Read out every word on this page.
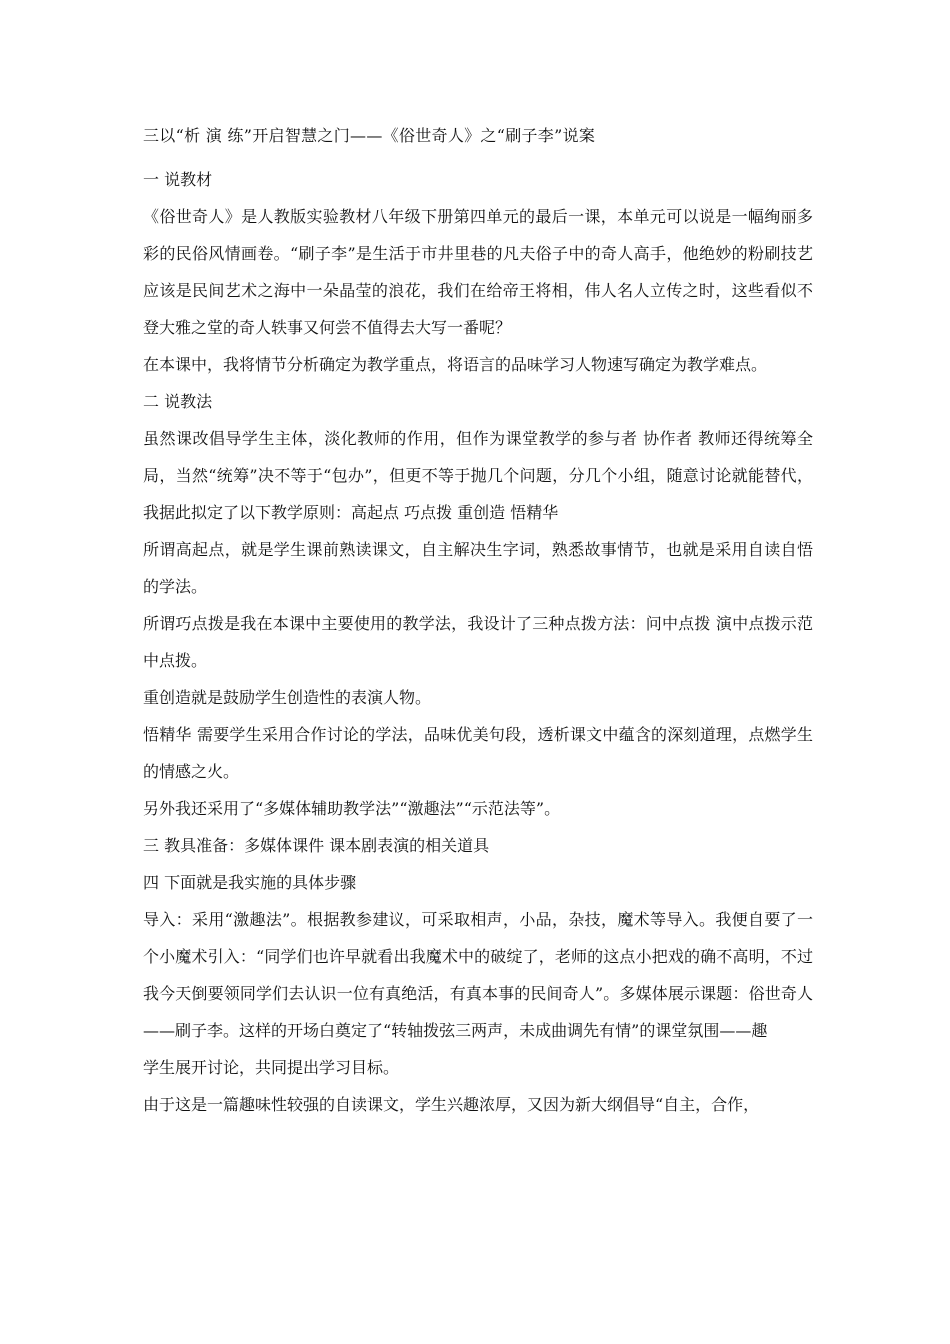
三以“析 演 练”开启智慧之门——《俗世奇人》之“刷子李”说案
一 说教材
《俗世奇人》是人教版实验教材八年级下册第四单元的最后一课，本单元可以说是一幅绚丽多彩的民俗风情画卷。“刷子李”是生活于市井里巷的凡夫俗子中的奇人高手，他绝妙的粉刷技艺应该是民间艺术之海中一朵晶莹的浪花，我们在给帝王将相，伟人名人立传之时，这些看似不登大雅之堂的奇人轶事又何尝不值得去大写一番呢？
在本课中，我将情节分析确定为教学重点，将语言的品味学习人物速写确定为教学难点。
二 说教法
虽然课改倡导学生主体，淡化教师的作用，但作为课堂教学的参与者 协作者 教师还得统筹全局，当然“统筹”决不等于“包办”，但更不等于抛几个问题，分几个小组，随意讨论就能替代，我据此拟定了以下教学原则：高起点 巧点拨 重创造 悟精华
所谓高起点，就是学生课前熟读课文，自主解决生字词，熟悉故事情节，也就是采用自读自悟的学法。
所谓巧点拨是我在本课中主要使用的教学法，我设计了三种点拨方法：问中点拨 演中点拨示范中点拨。
重创造就是鼓励学生创造性的表演人物。
悟精华 需要学生采用合作讨论的学法，品味优美句段，透析课文中蕴含的深刻道理，点燃学生的情感之火。
另外我还采用了“多媒体辅助教学法”“激趣法”“示范法等”。
三 教具准备：多媒体课件 课本剧表演的相关道具
四 下面就是我实施的具体步骤
导入：采用“激趣法”。根据教参建议，可采取相声，小品，杂技，魔术等导入。我便自要了一个小魔术引入：“同学们也许早就看出我魔术中的破绽了，老师的这点小把戏的确不高明，不过我今天倒要领同学们去认识一位有真绝活，有真本事的民间奇人”。多媒体展示课题：俗世奇人——刷子李。这样的开场白奠定了“转轴拨弦三两声，未成曲调先有情”的课堂氛围——趣
学生展开讨论，共同提出学习目标。
由于这是一篇趣味性较强的自读课文，学生兴趣浓厚，又因为新大纲倡导“自主，合作，
